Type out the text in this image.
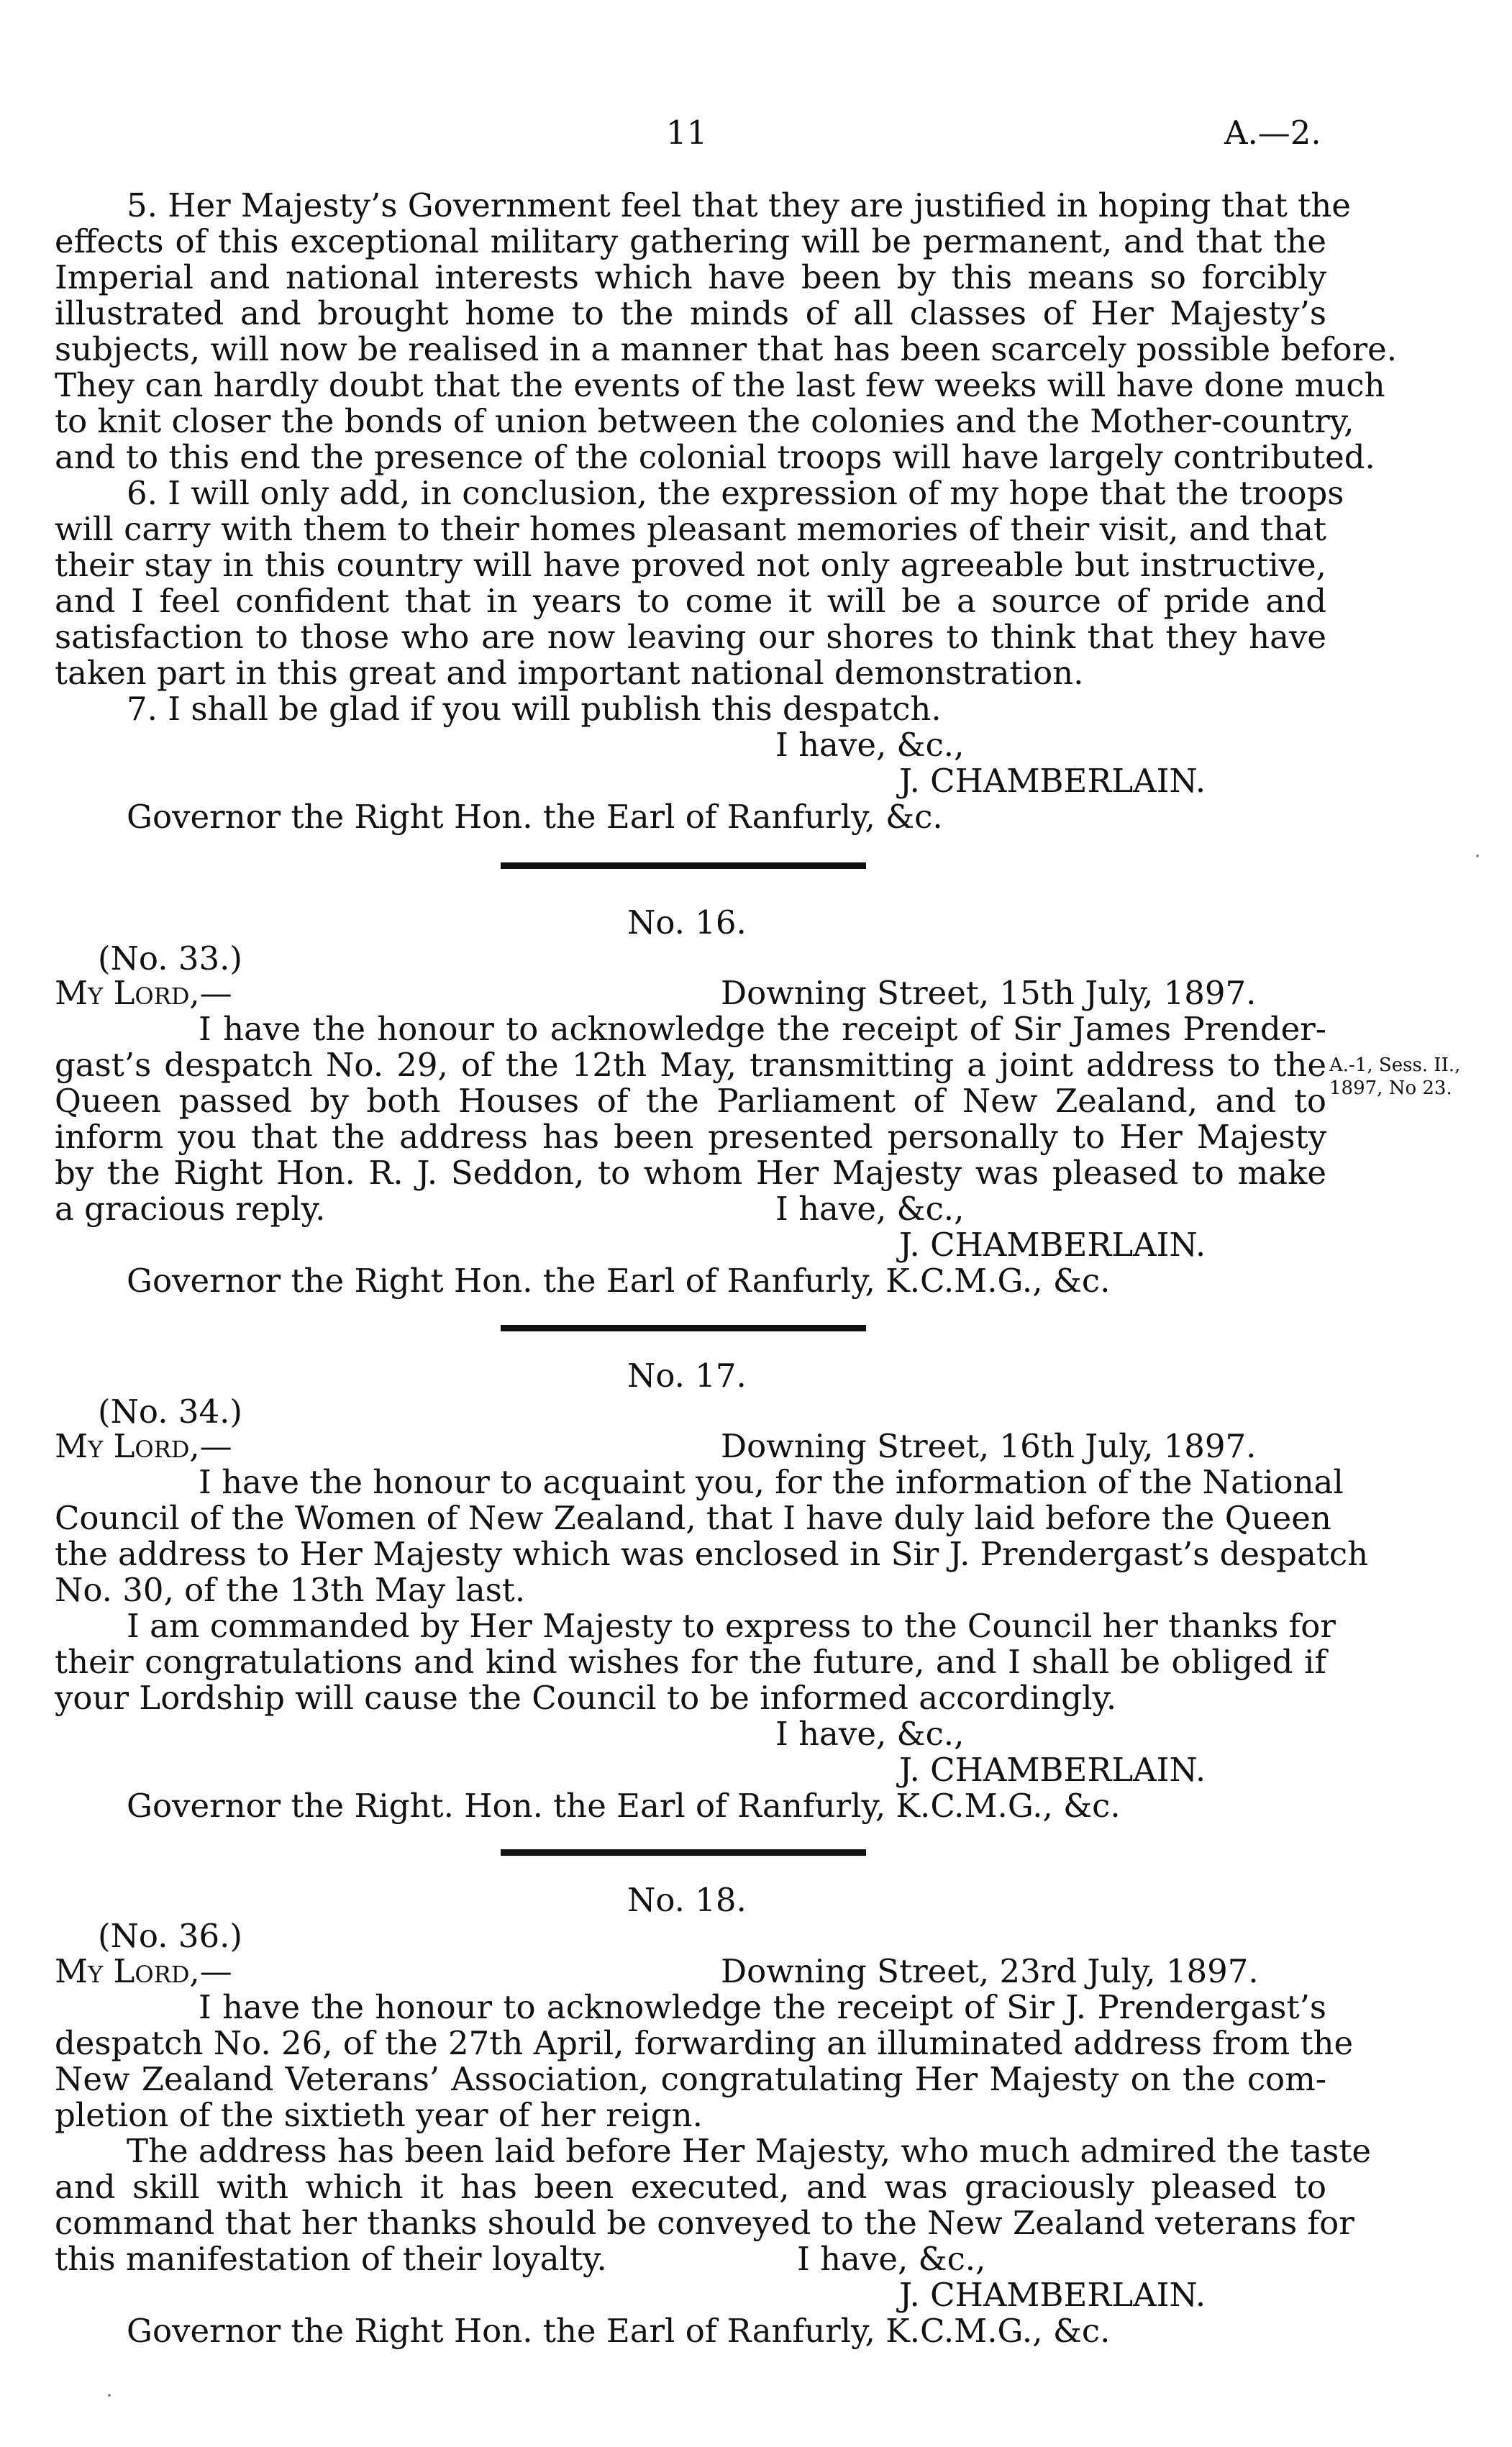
11	A.—2.

5. Her Majesty’s Government feel that they are justified in hoping that the

effects of this exceptional military gathering will be permanent, and that the

Imperial and national interests which have been by this means so forcibly

illustrated and brought home to the minds of all classes of Her Majesty’s

subjects, will now be realised in a manner that has been scarcely possible before.

They can hardly doubt that the events of the last few weeks will have done much

to knit closer the bonds of union between the colonies and the Mother-country,

and to this end the presence of the colonial troops will have largely contributed.

6. I will only add, in conclusion, the expression of my hope that the troops

will carry with them to their homes pleasant memories of their visit, and that

their stay in this country will have proved not only agreeable but instructive,

and I feel confident that in years to come it will be a source of pride and

satisfaction to those who are now leaving our shores to think that they have

taken part in this great and important national demonstration.

7. I shall be glad if you will publish this despatch.

I have, &c.,

J. CHAMBERLAIN.

Governor the Right Hon. the Earl of Ranfurly, &c.

No. 16.

(No. 33.)

My Lord,—	Downing Street, 15th July, 1897.

I have the honour to acknowledge the receipt of Sir James Prender-

gast’s despatch No. 29, of the 12th May, transmitting a joint address to the

Queen passed by both Houses of the Parliament of New Zealand, and to

inform you that the address has been presented personally to Her Majesty

by the Right Hon. R. J. Seddon, to whom Her Majesty was pleased to make

a gracious reply.	I have, &c.,

J. CHAMBERLAIN.

Governor the Right Hon. the Earl of Ranfurly, K.C.M.G., &c.

A.-1, Sess. II.,
1897, No 23.

No. 17.

(No. 34.)

My Lord,—	Downing Street, 16th July, 1897.

I have the honour to acquaint you, for the information of the National

Council of the Women of New Zealand, that I have duly laid before the Queen

the address to Her Majesty which was enclosed in Sir J. Prendergast’s despatch

No. 30, of the 13th May last.

I am commanded by Her Majesty to express to the Council her thanks for

their congratulations and kind wishes for the future, and I shall be obliged if

your Lordship will cause the Council to be informed accordingly.

I have, &c.,

J. CHAMBERLAIN.

Governor the Right. Hon. the Earl of Ranfurly, K.C.M.G., &c.

No. 18.

(No. 36.)

My Lord,—	Downing Street, 23rd July, 1897.

I have the honour to acknowledge the receipt of Sir J. Prendergast’s

despatch No. 26, of the 27th April, forwarding an illuminated address from the

New Zealand Veterans’ Association, congratulating Her Majesty on the com-

pletion of the sixtieth year of her reign.

The address has been laid before Her Majesty, who much admired the taste

and skill with which it has been executed, and was graciously pleased to

command that her thanks should be conveyed to the New Zealand veterans for

this manifestation of their loyalty.	I have, &c.,

J. CHAMBERLAIN.

Governor the Right Hon. the Earl of Ranfurly, K.C.M.G., &c.
